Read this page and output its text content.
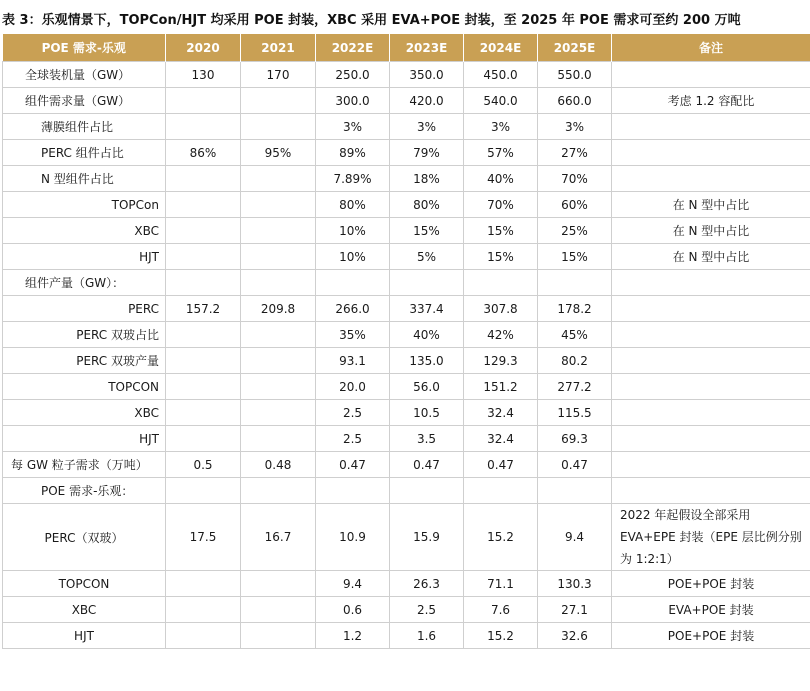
表 3：乐观情景下，TOPCon/HJT 均采用 POE 封装，XBC 采用 EVA+POE 封装，至 2025 年 POE 需求可至约 200 万吨
POE 需求-乐观	2020	2021	2022E	2023E	2024E	2025E	备注
全球装机量（GW）	130	170	250.0	350.0	450.0	550.0	
组件需求量（GW）			300.0	420.0	540.0	660.0	考虑 1.2 容配比
薄膜组件占比			3%	3%	3%	3%	
PERC 组件占比	86%	95%	89%	79%	57%	27%	
N 型组件占比			7.89%	18%	40%	70%	
TOPCon			80%	80%	70%	60%	在 N 型中占比
XBC			10%	15%	15%	25%	在 N 型中占比
HJT			10%	5%	15%	15%	在 N 型中占比
组件产量（GW）：							
PERC	157.2	209.8	266.0	337.4	307.8	178.2	
PERC 双玻占比			35%	40%	42%	45%	
PERC 双玻产量			93.1	135.0	129.3	80.2	
TOPCON			20.0	56.0	151.2	277.2	
XBC			2.5	10.5	32.4	115.5	
HJT			2.5	3.5	32.4	69.3	
每 GW 粒子需求（万吨）	0.5	0.48	0.47	0.47	0.47	0.47	
POE 需求-乐观：							
PERC（双玻）	17.5	16.7	10.9	15.9	15.2	9.4	2022 年起假设全部采用 EVA+EPE 封装（EPE 层比例分别为 1:2:1）
TOPCON			9.4	26.3	71.1	130.3	POE+POE 封装
XBC			0.6	2.5	7.6	27.1	EVA+POE 封装
HJT			1.2	1.6	15.2	32.6	POE+POE 封装
